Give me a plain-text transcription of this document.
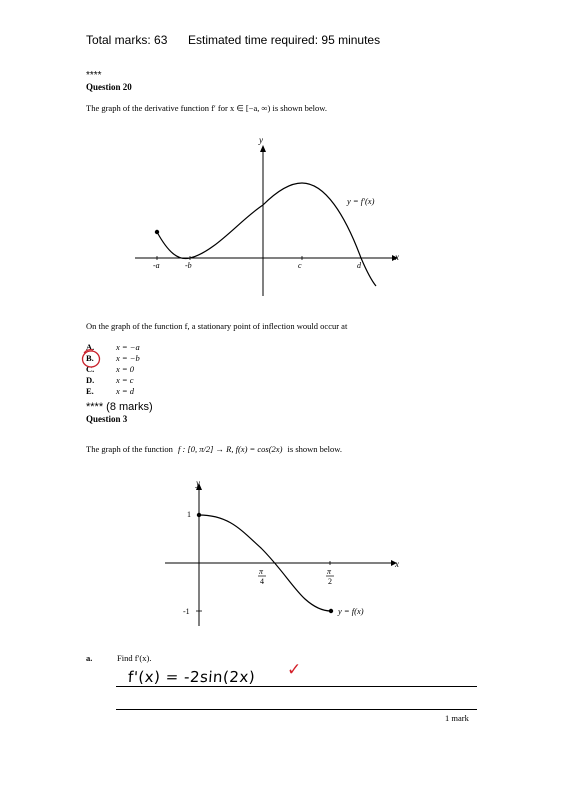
Total marks: 63 Estimated time required: 95 minutes
****
Question 20
The graph of the derivative function f′ for x ∈ [−a, ∞) is shown below.
y
x
-a	-b	c	d
y = f′(x)
On the graph of the function f, a stationary point of inflection would occur at
A.	x = −a
B.	x = −b
C.	x = 0
D.	x = c
E.	x = d
**** (8 marks)
Question 3
The graph of the function f : [0, π/2] → R, f(x) = cos(2x) is shown below.
y
x
1
-1
π
4
π
2
y = f(x)
a.	Find f′(x).
f'(x) = -2sin(2x) ✓
1 mark
